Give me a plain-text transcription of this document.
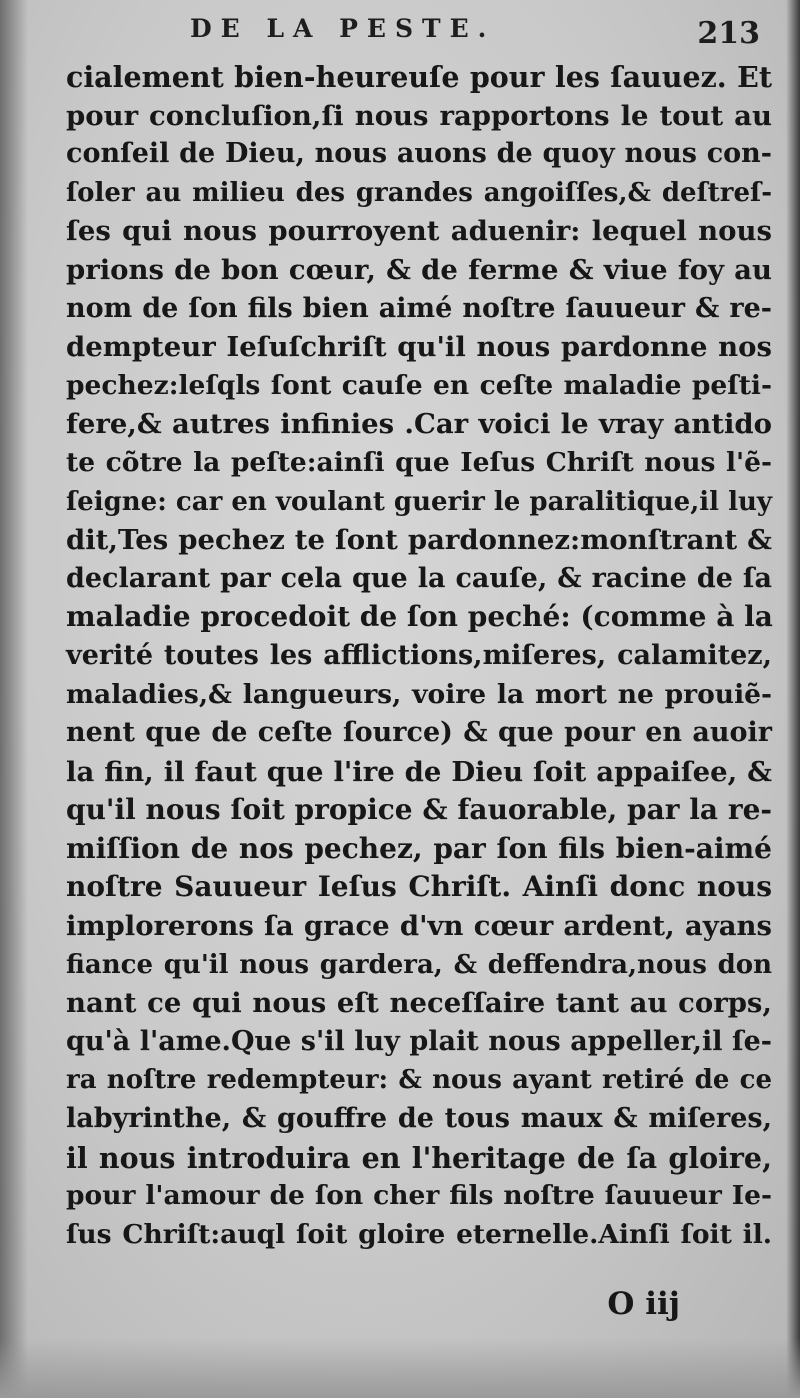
DE LA PESTE.	213
cialement bien-heureuſe pour les ſauuez. Et
pour concluſion,ſi nous rapportons le tout au
conſeil de Dieu, nous auons de quoy nous con-
ſoler au milieu des grandes angoiſſes,& deſtreſ-
ſes qui nous pourroyent aduenir: lequel nous
prions de bon cœur, & de ferme & viue foy au
nom de ſon fils bien aimé noſtre ſauueur & re-
dempteur Ieſuſchriſt qu'il nous pardonne nos
pechez:leſqls ſont cauſe en ceſte maladie peſti-
fere,& autres infinies .Car voici le vray antido
te cõtre la peſte:ainſi que Ieſus Chriſt nous l'ẽ-
ſeigne: car en voulant guerir le paralitique,il luy
dit,Tes pechez te ſont pardonnez:monſtrant &
declarant par cela que la cauſe, & racine de ſa
maladie procedoit de ſon peché: (comme à la
verité toutes les afflictions,miſeres, calamitez,
maladies,& langueurs, voire la mort ne prouiẽ-
nent que de ceſte ſource) & que pour en auoir
la fin, il faut que l'ire de Dieu ſoit appaiſee, &
qu'il nous ſoit propice & fauorable, par la re-
miſſion de nos pechez, par ſon fils bien-aimé
noſtre Sauueur Ieſus Chriſt. Ainſi donc nous
implorerons ſa grace d'vn cœur ardent, ayans
fiance qu'il nous gardera, & deffendra,nous don
nant ce qui nous eſt neceſſaire tant au corps,
qu'à l'ame.Que s'il luy plait nous appeller,il ſe-
ra noſtre redempteur: & nous ayant retiré de ce
labyrinthe, & gouffre de tous maux & miſeres,
il nous introduira en l'heritage de ſa gloire,
pour l'amour de ſon cher fils noſtre ſauueur Ie-
ſus Chriſt:auql ſoit gloire eternelle.Ainſi ſoit il.
O iij
